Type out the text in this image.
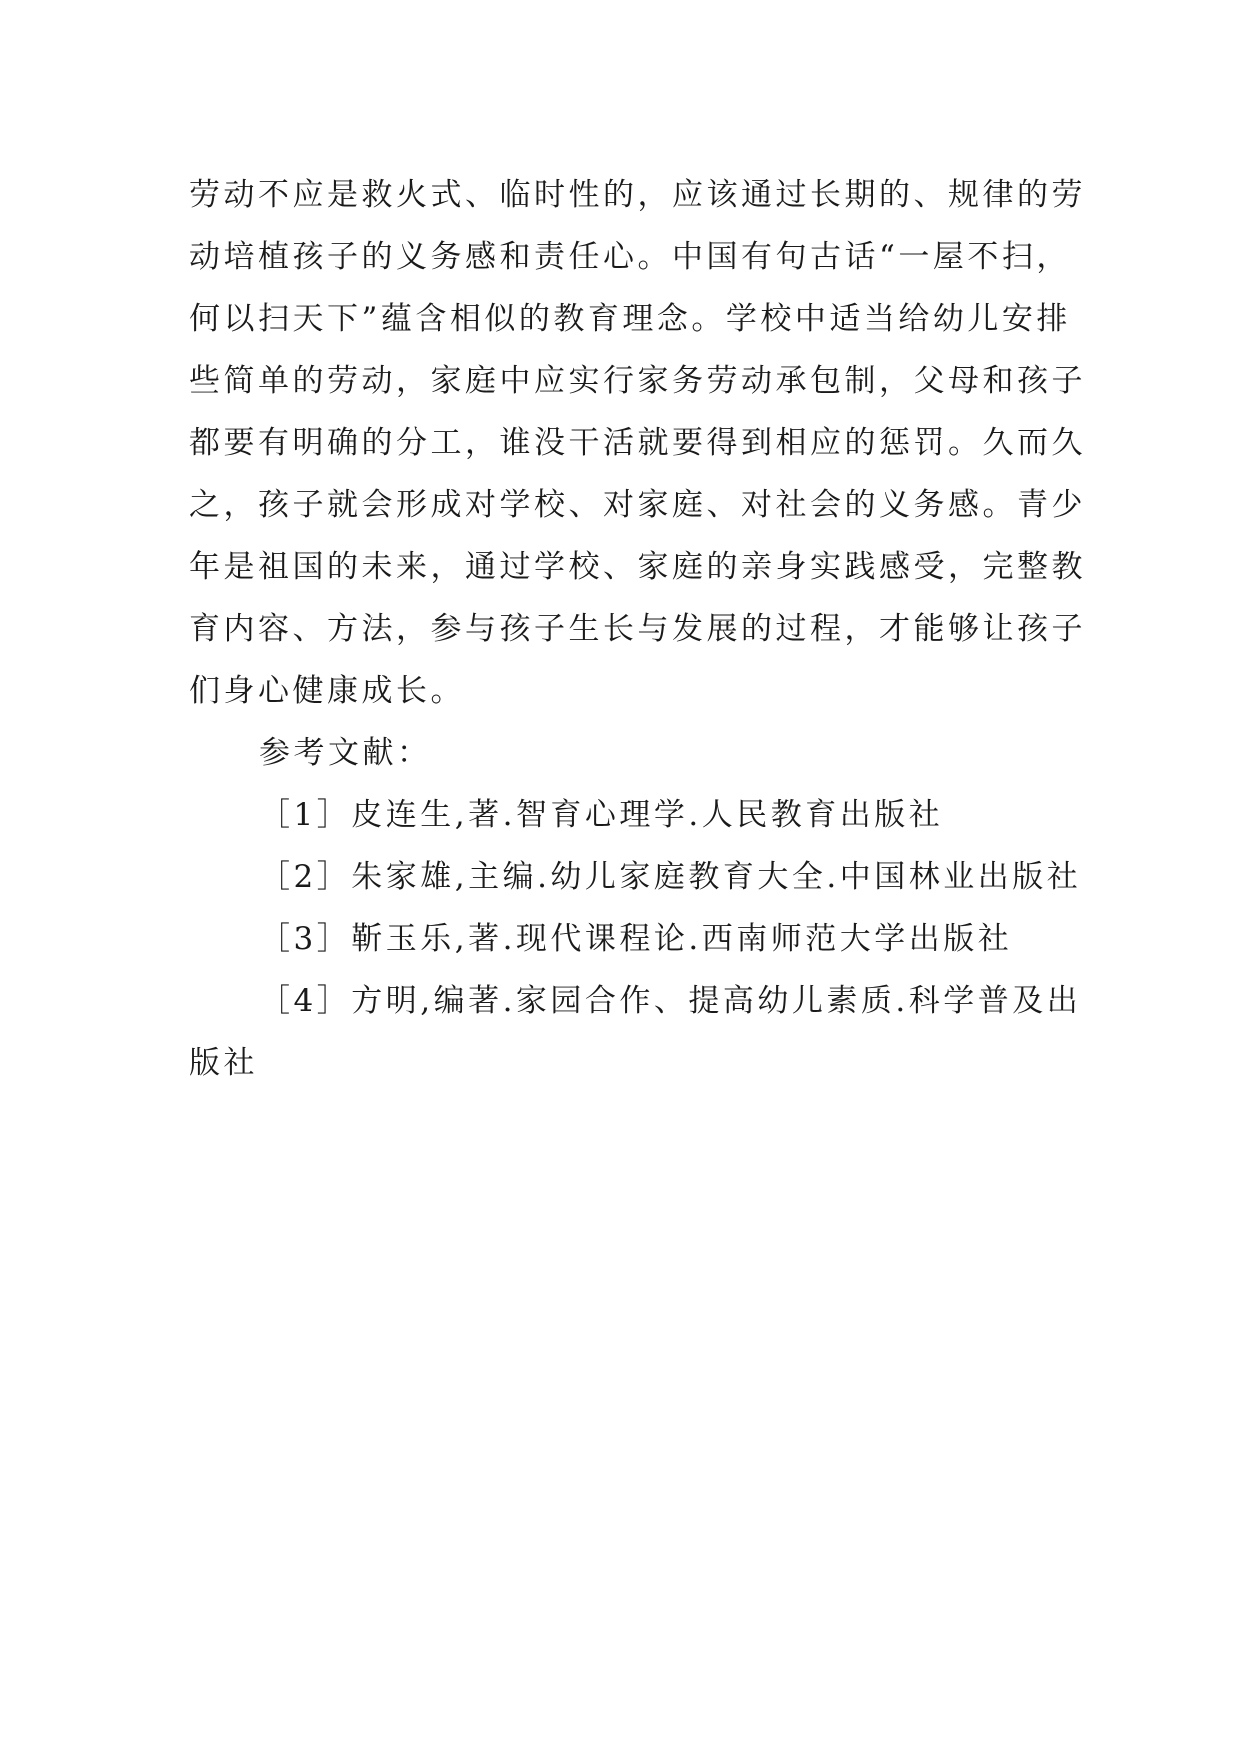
劳动不应是救火式、临时性的，应该通过长期的、规律的劳
动培植孩子的义务感和责任心。中国有句古话“一屋不扫，
何以扫天下”蕴含相似的教育理念。学校中适当给幼儿安排
些简单的劳动，家庭中应实行家务劳动承包制，父母和孩子
都要有明确的分工，谁没干活就要得到相应的惩罚。久而久
之，孩子就会形成对学校、对家庭、对社会的义务感。青少
年是祖国的未来，通过学校、家庭的亲身实践感受，完整教
育内容、方法，参与孩子生长与发展的过程，才能够让孩子
们身心健康成长。
参考文献：
［1］皮连生,著.智育心理学.人民教育出版社
［2］朱家雄,主编.幼儿家庭教育大全.中国林业出版社
［3］靳玉乐,著.现代课程论.西南师范大学出版社
［4］方明,编著.家园合作、提高幼儿素质.科学普及出
版社
